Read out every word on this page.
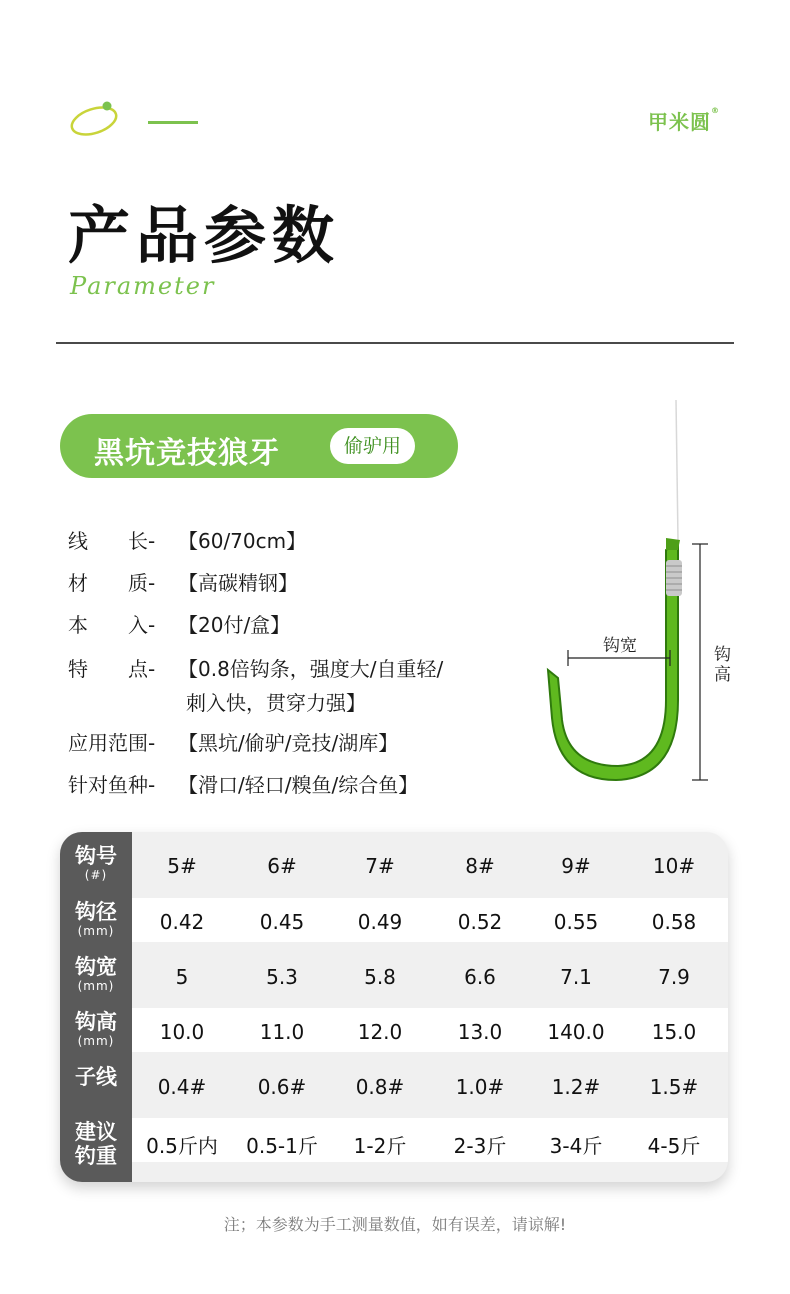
甲米圆®
产品参数
Parameter
黑坑竞技狼牙	偷驴用
线　　长- 【60/70cm】
材　　质- 【高碳精钢】
本　　入- 【20付/盒】
特　　点- 【0.8倍钩条，强度大/自重轻/
刺入快，贯穿力强】
应用范围- 【黑坑/偷驴/竞技/湖库】
针对鱼种- 【滑口/轻口/糗鱼/综合鱼】
钩宽	钩高
钩号
(#)	5#	6#	7#	8#	9#	10#
钩径
(mm)	0.42	0.45	0.49	0.52	0.55	0.58
钩宽
(mm)	5	5.3	5.8	6.6	7.1	7.9
钩高
(mm)	10.0	11.0	12.0	13.0	140.0	15.0
子线	0.4#	0.6#	0.8#	1.0#	1.2#	1.5#
建议
钓重	0.5斤内	0.5-1斤	1-2斤	2-3斤	3-4斤	4-5斤
注；本参数为手工测量数值，如有误差，请谅解!
